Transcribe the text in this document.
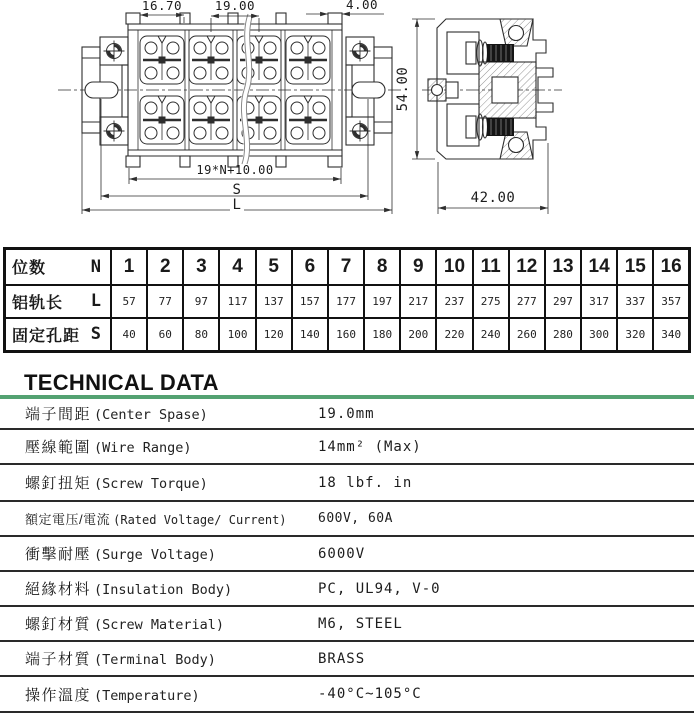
16.70	19.00	4.00
19*N+10.00
S
L
54.00
42.00
位数 N	1	2	3	4	5	6	7	8	9	10	11	12	13	14	15	16

铝轨长 L	57	77	97	117	137	157	177	197	217	237	275	277	297	317	337	357

固定孔距 S	40	60	80	100	120	140	160	180	200	220	240	260	280	300	320	340
TECHNICAL DATA
端子間距 (Center Spase)	19.0mm
壓線範圍 (Wire Range)	14mm² (Max)
螺釘扭矩 (Screw Torque)	18 lbf. in
額定電压/電流 (Rated Voltage/ Current) 600V, 60A
衝擊耐壓 (Surge Voltage)	6000V
絕緣材料 (Insulation Body)	PC, UL94, V-0
螺釘材質 (Screw Material)	M6, STEEL
端子材質 (Terminal Body)	BRASS
操作溫度 (Temperature)	-40°C~105°C
